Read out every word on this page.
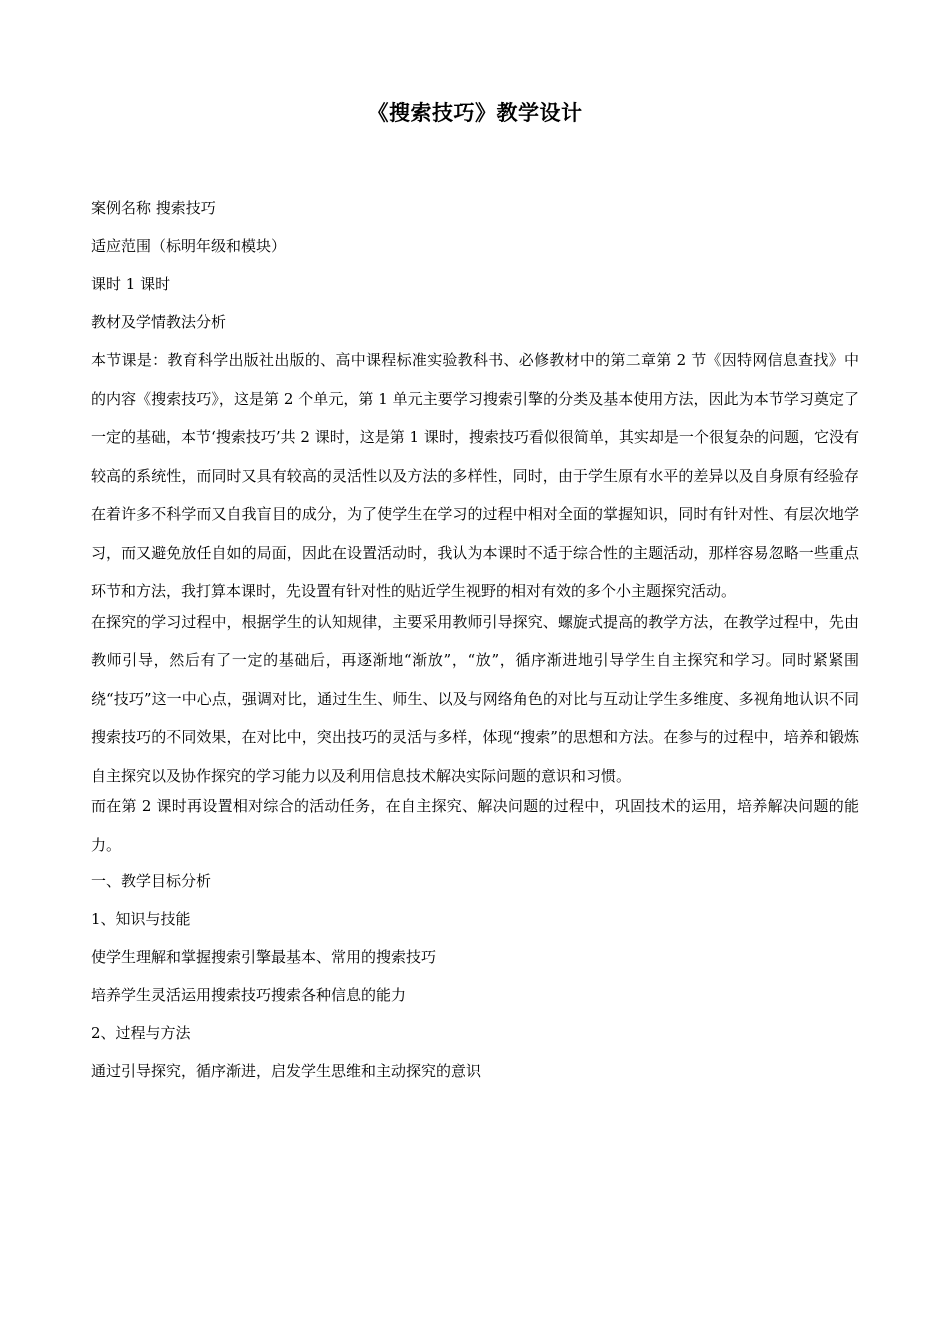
《搜索技巧》教学设计
案例名称 搜索技巧
适应范围（标明年级和模块）
课时 1 课时
教材及学情教法分析
本节课是：教育科学出版社出版的、高中课程标准实验教科书、必修教材中的第二章第 2 节《因特网信息查找》中的内容《搜索技巧》，这是第 2 个单元，第 1 单元主要学习搜索引擎的分类及基本使用方法，因此为本节学习奠定了一定的基础，本节‘搜索技巧’共 2 课时，这是第 1 课时，搜索技巧看似很简单，其实却是一个很复杂的问题，它没有较高的系统性，而同时又具有较高的灵活性以及方法的多样性，同时，由于学生原有水平的差异以及自身原有经验存在着许多不科学而又自我盲目的成分，为了使学生在学习的过程中相对全面的掌握知识，同时有针对性、有层次地学习，而又避免放任自如的局面，因此在设置活动时，我认为本课时不适于综合性的主题活动，那样容易忽略一些重点环节和方法，我打算本课时，先设置有针对性的贴近学生视野的相对有效的多个小主题探究活动。
在探究的学习过程中，根据学生的认知规律，主要采用教师引导探究、螺旋式提高的教学方法，在教学过程中，先由教师引导，然后有了一定的基础后，再逐渐地“渐放”，“放”，循序渐进地引导学生自主探究和学习。同时紧紧围绕“技巧”这一中心点，强调对比，通过生生、师生、以及与网络角色的对比与互动让学生多维度、多视角地认识不同搜索技巧的不同效果，在对比中，突出技巧的灵活与多样，体现“搜索”的思想和方法。在参与的过程中，培养和锻炼自主探究以及协作探究的学习能力以及利用信息技术解决实际问题的意识和习惯。
而在第 2 课时再设置相对综合的活动任务，在自主探究、解决问题的过程中，巩固技术的运用，培养解决问题的能力。
一、教学目标分析
1、知识与技能
使学生理解和掌握搜索引擎最基本、常用的搜索技巧
培养学生灵活运用搜索技巧搜索各种信息的能力
2、过程与方法
通过引导探究，循序渐进，启发学生思维和主动探究的意识
